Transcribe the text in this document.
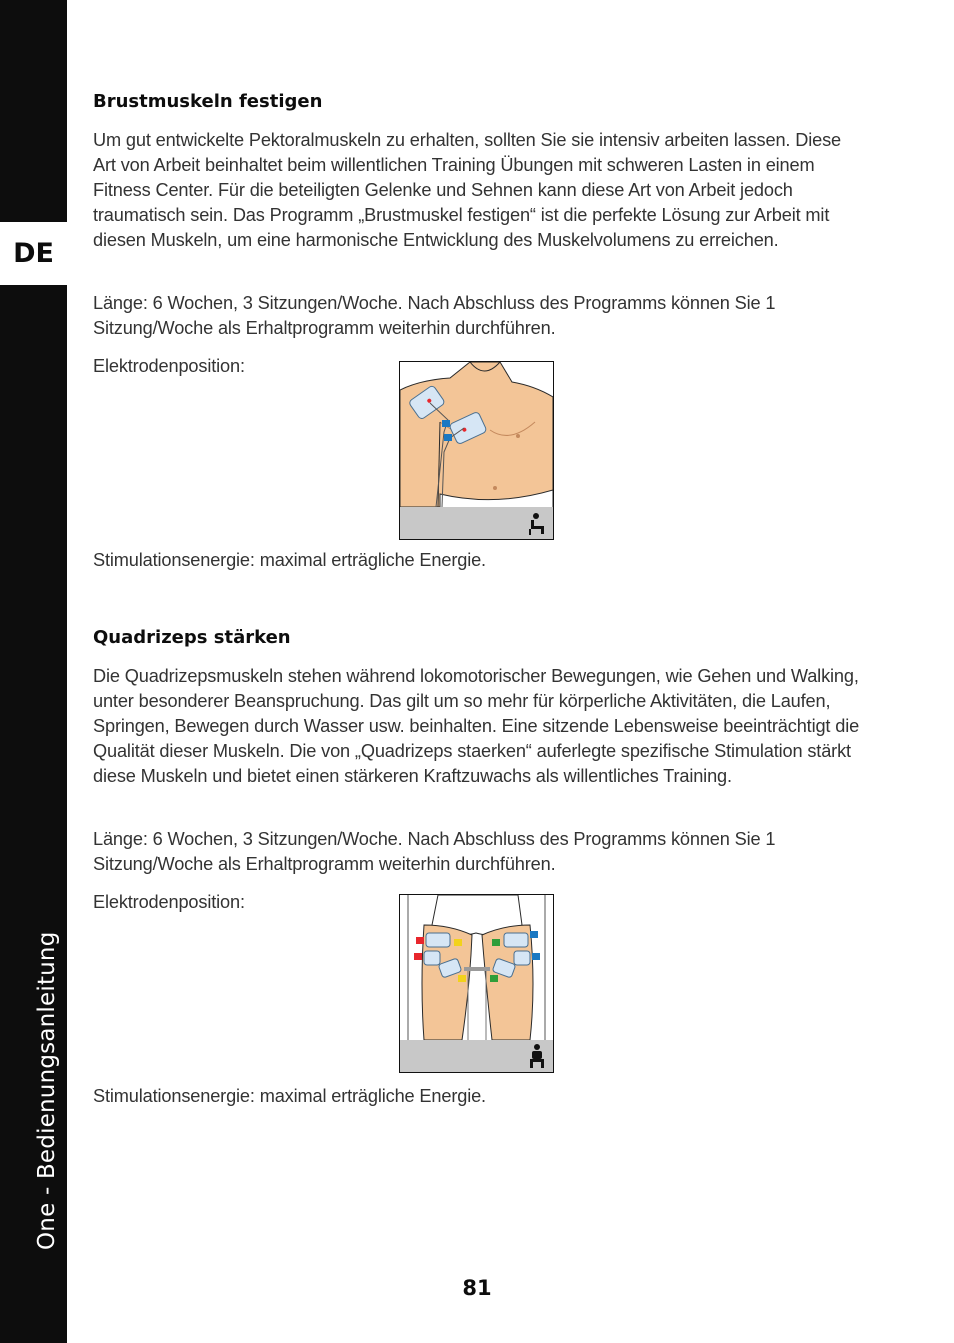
DE
One - Bedienungsanleitung
Brustmuskeln festigen

Um gut entwickelte Pektoralmuskeln zu erhalten, sollten Sie sie intensiv arbeiten lassen. Diese Art von Arbeit beinhaltet beim willentlichen Training Übungen mit schweren Lasten in einem Fitness Center. Für die beteiligten Gelenke und Sehnen kann diese Art von Arbeit jedoch traumatisch sein. Das Programm „Brustmuskel festigen“ ist die perfekte Lösung zur Arbeit mit diesen Muskeln, um eine harmonische Entwicklung des Muskelvolumens zu erreichen.

Länge: 6 Wochen, 3 Sitzungen/Woche. Nach Abschluss des Programms können Sie 1 Sitzung/Woche als Erhaltprogramm weiterhin durchführen.

Elektrodenposition:

Stimulationsenergie: maximal erträgliche Energie.

Quadrizeps stärken

Die Quadrizepsmuskeln stehen während lokomotorischer Bewegungen, wie Gehen und Walking, unter besonderer Beanspruchung. Das gilt um so mehr für körperliche Aktivitäten, die Laufen, Springen, Bewegen durch Wasser usw. beinhalten. Eine sitzende Lebensweise beeinträchtigt die Qualität dieser Muskeln. Die von „Quadrizeps staerken“ auferlegte spezifische Stimulation stärkt diese Muskeln und bietet einen stärkeren Kraftzuwachs als willentliches Training.

Länge: 6 Wochen, 3 Sitzungen/Woche. Nach Abschluss des Programms können Sie 1 Sitzung/Woche als Erhaltprogramm weiterhin durchführen.

Elektrodenposition:

Stimulationsenergie: maximal erträgliche Energie.

81
